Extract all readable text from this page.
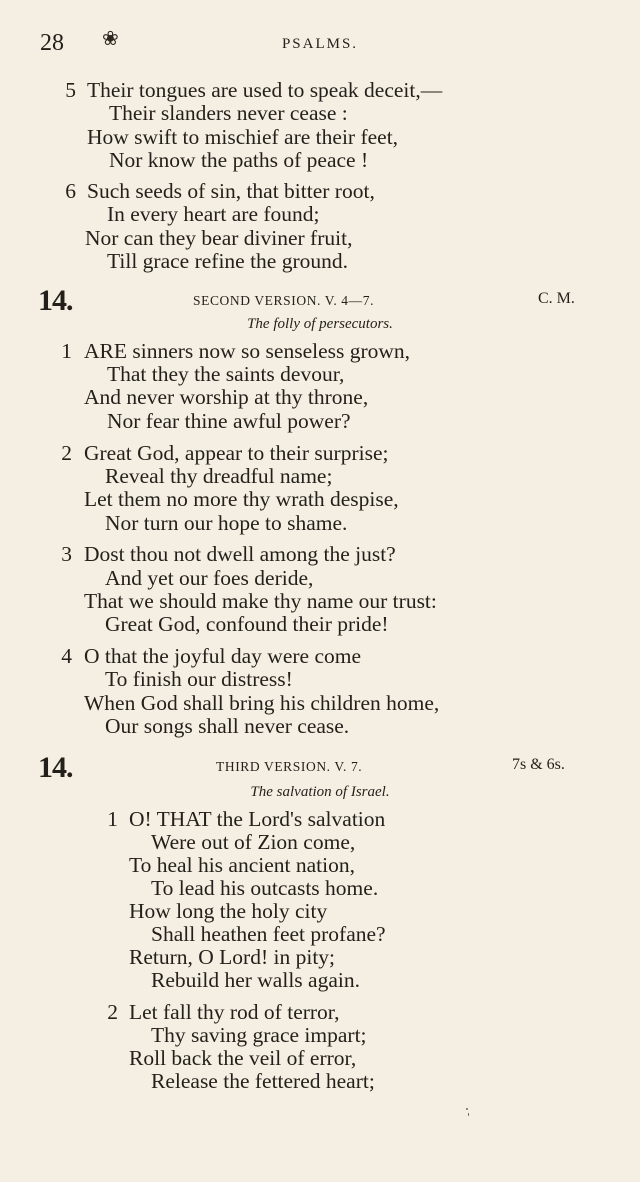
28 ❀	PSALMS.
5 Their tongues are used to speak deceit,—
Their slanders never cease :
How swift to mischief are their feet,
Nor know the paths of peace !
6 Such seeds of sin, that bitter root,
In every heart are found;
Nor can they bear diviner fruit,
Till grace refine the ground.
14.	SECOND VERSION. V. 4—7.	C. M.
The folly of persecutors.
1 ARE sinners now so senseless grown,
That they the saints devour,
And never worship at thy throne,
Nor fear thine awful power?
2 Great God, appear to their surprise;
Reveal thy dreadful name;
Let them no more thy wrath despise,
Nor turn our hope to shame.
3 Dost thou not dwell among the just?
And yet our foes deride,
That we should make thy name our trust:
Great God, confound their pride!
4 O that the joyful day were come
To finish our distress!
When God shall bring his children home,
Our songs shall never cease.
14.	THIRD VERSION. V. 7.	7s & 6s.
The salvation of Israel.
1 O! THAT the Lord's salvation
Were out of Zion come,
To heal his ancient nation,
To lead his outcasts home.
How long the holy city
Shall heathen feet profane?
Return, O Lord! in pity;
Rebuild her walls again.
2 Let fall thy rod of terror,
Thy saving grace impart;
Roll back the veil of error,
Release the fettered heart;
